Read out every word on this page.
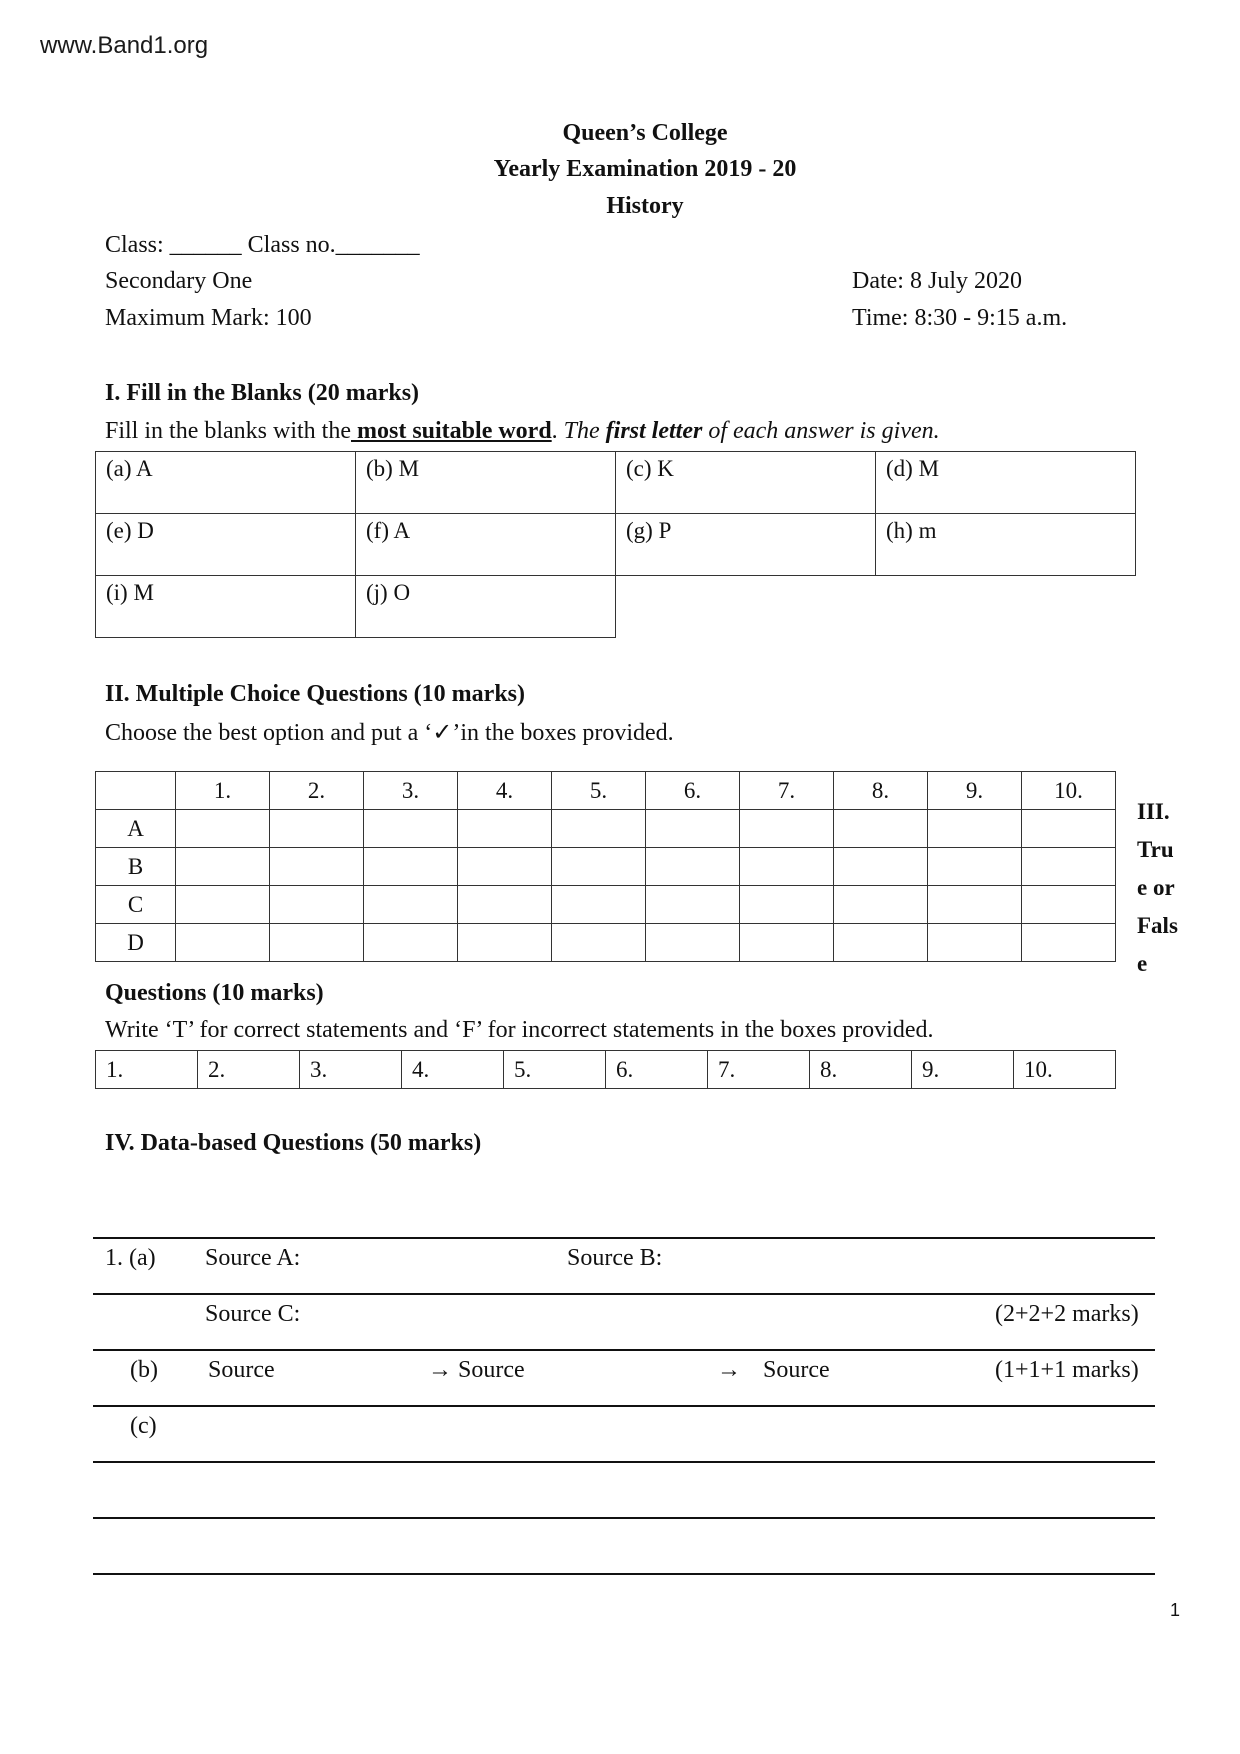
www.Band1.org
Queen’s College
Yearly Examination 2019 - 20
History
Class: ______ Class no._______
Secondary One
Maximum Mark: 100
Date: 8 July 2020
Time: 8:30 - 9:15 a.m.
I. Fill in the Blanks (20 marks)
Fill in the blanks with the most suitable word. The first letter of each answer is given.
(a) A	(b) M	(c) K	(d) M
(e) D	(f) A	(g) P	(h) m
(i) M	(j) O		
II. Multiple Choice Questions (10 marks)
Choose the best option and put a ‘✓’in the boxes provided.
	1.	2.	3.	4.	5.	6.	7.	8.	9.	10.
A										
B										
C										
D										
III.
Tru
e or
Fals
e
Questions (10 marks)
Write ‘T’ for correct statements and ‘F’ for incorrect statements in the boxes provided.
1.	2.	3.	4.	5.	6.	7.	8.	9.	10.
IV. Data-based Questions (50 marks)
1. (a) Source A:	Source B:
Source C:	(2+2+2 marks)
(b) Source	→ Source	→ Source	(1+1+1 marks)
(c)
1
